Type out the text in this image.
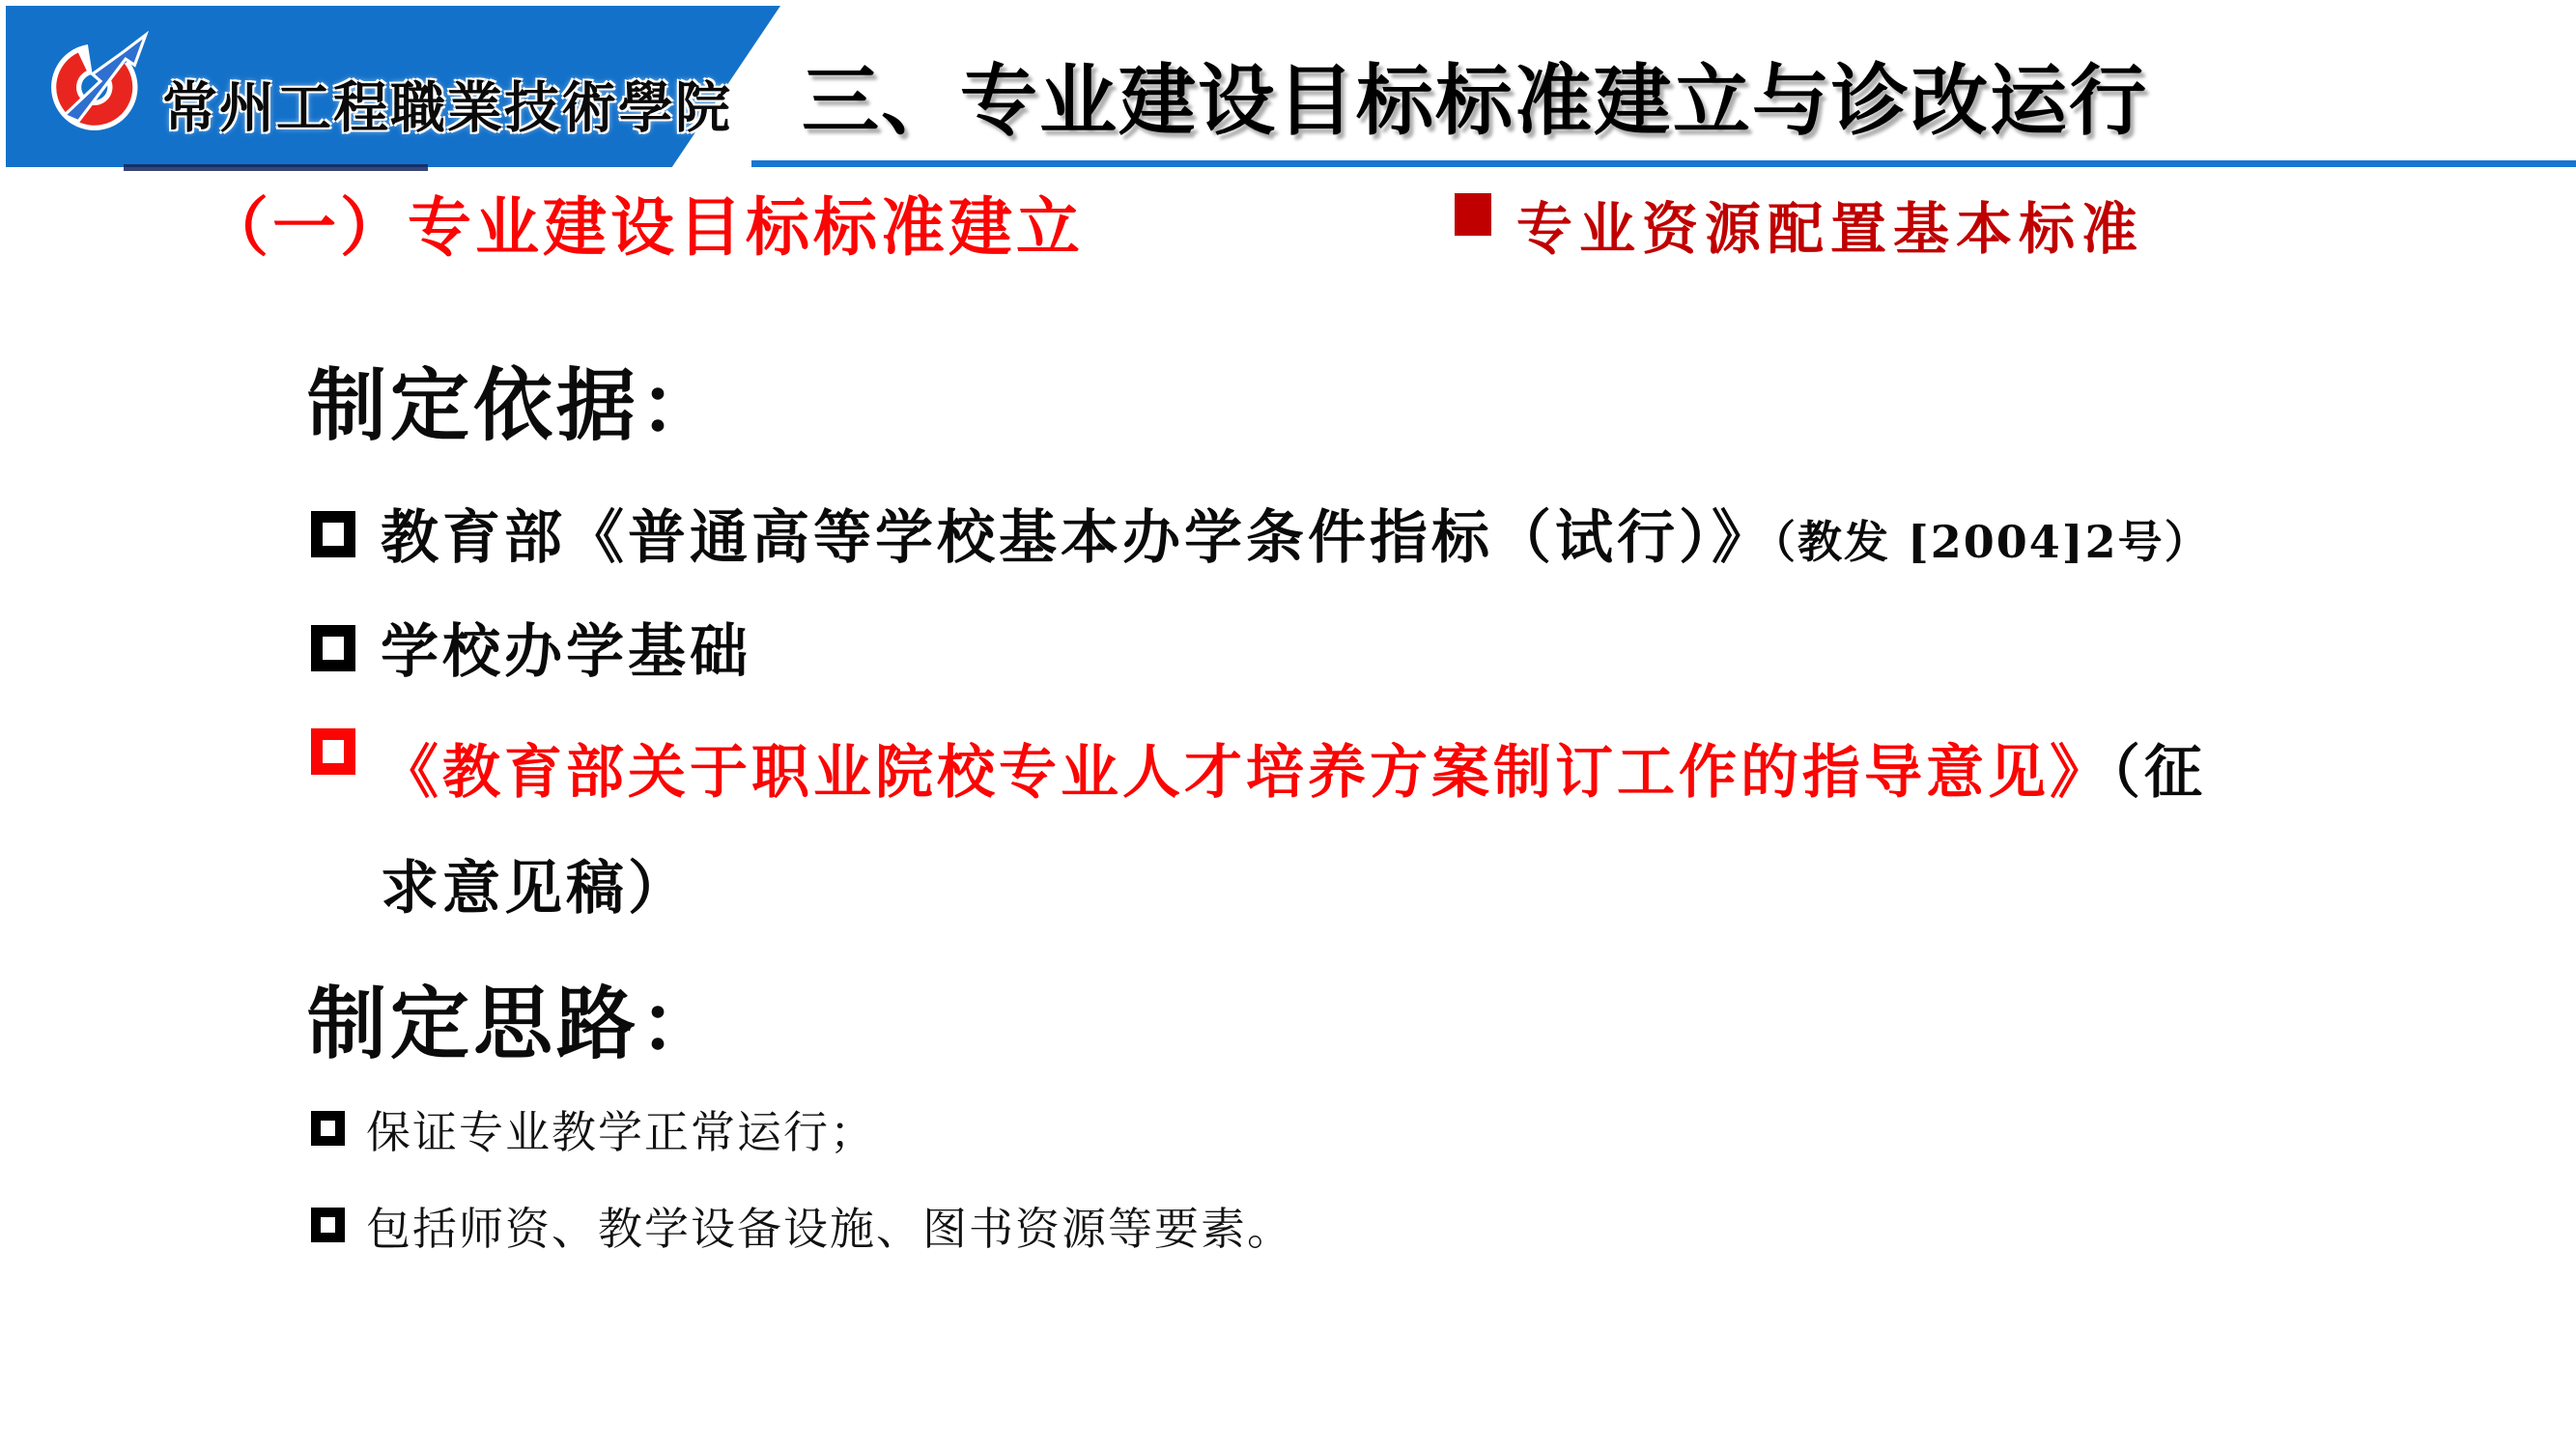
常州工程職業技術學院 三、专业建设目标标准建立与诊改运行
（一）专业建设目标标准建立	专业资源配置基本标准
制定依据：
教育部《普通高等学校基本办学条件指标（试行）》（教发 [2004]2号）
学校办学基础
《教育部关于职业院校专业人才培养方案制订工作的指导意见》（征求意见稿）
制定思路：
保证专业教学正常运行；
包括师资、教学设备设施、图书资源等要素。
